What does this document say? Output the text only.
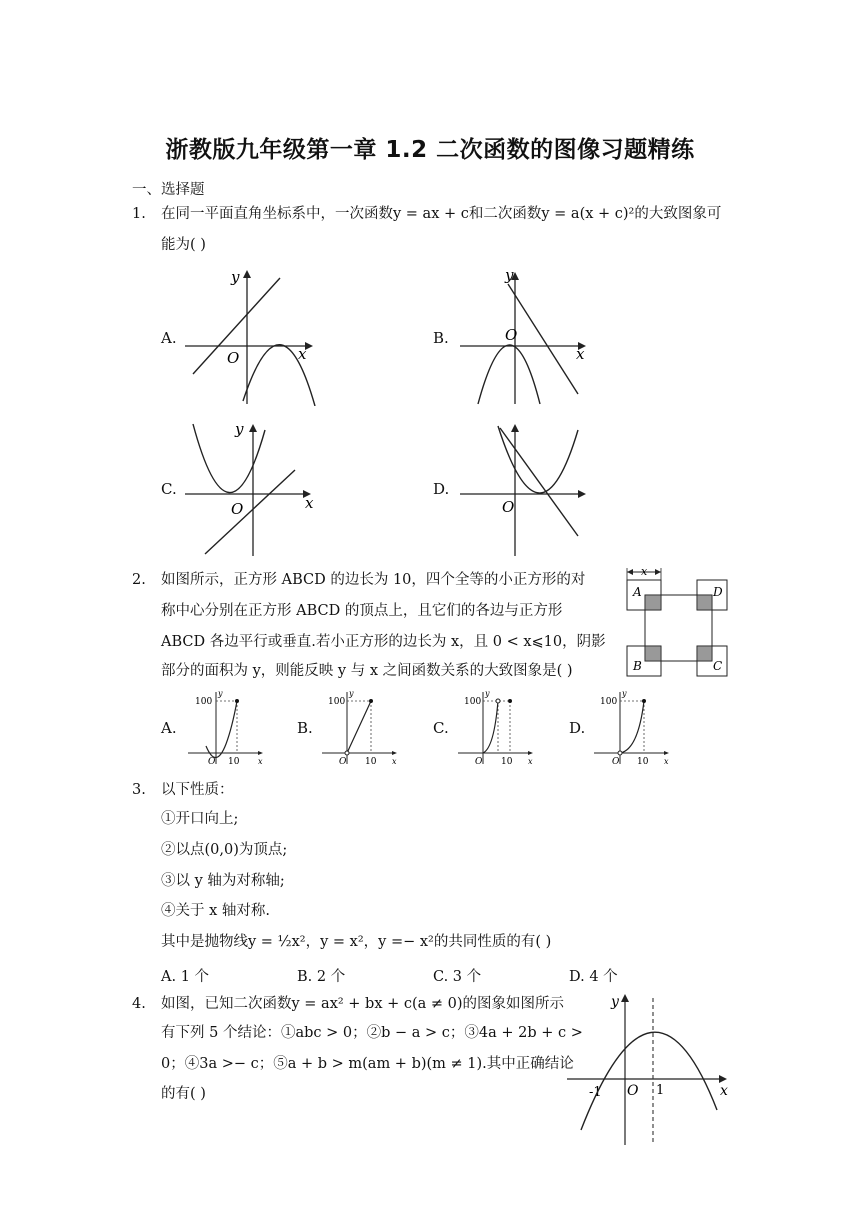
浙教版九年级第一章 1.2 二次函数的图像习题精练
一、选择题
1. 在同一平面直角坐标系中，一次函数y = ax + c和二次函数y = a(x + c)²的大致图象可
能为( )
A.	B.
C.	D.
y
x
O
y
x
O
y
x
O	O
2. 如图所示，正方形 ABCD 的边长为 10，四个全等的小正方形的对
称中心分别在正方形 ABCD 的顶点上，且它们的各边与正方形
ABCD 各边平行或垂直.若小正方形的边长为 x，且 0 < x⩽10，阴影
部分的面积为 y，则能反映 y 与 x 之间函数关系的大致图象是( )
x
A	D
B	C
A.	B.	C.	D.
y
100
O 10 x
y
100
O 10 x
y
100
O 10 x
y
100
O 10 x
3. 以下性质：
①开口向上;
②以点(0,0)为顶点;
③以 y 轴为对称轴;
④关于 x 轴对称.
其中是抛物线y = ½x²，y = x²，y =− x²的共同性质的有( )
A. 1 个	B. 2 个	C. 3 个	D. 4 个
4. 如图，已知二次函数y = ax² + bx + c(a ≠ 0)的图象如图所示
有下列 5 个结论：①abc > 0；②b − a > c；③4a + 2b + c >
0；④3a >− c；⑤a + b > m(am + b)(m ≠ 1).其中正确结论
的有( )
y
x
O
-1	1
